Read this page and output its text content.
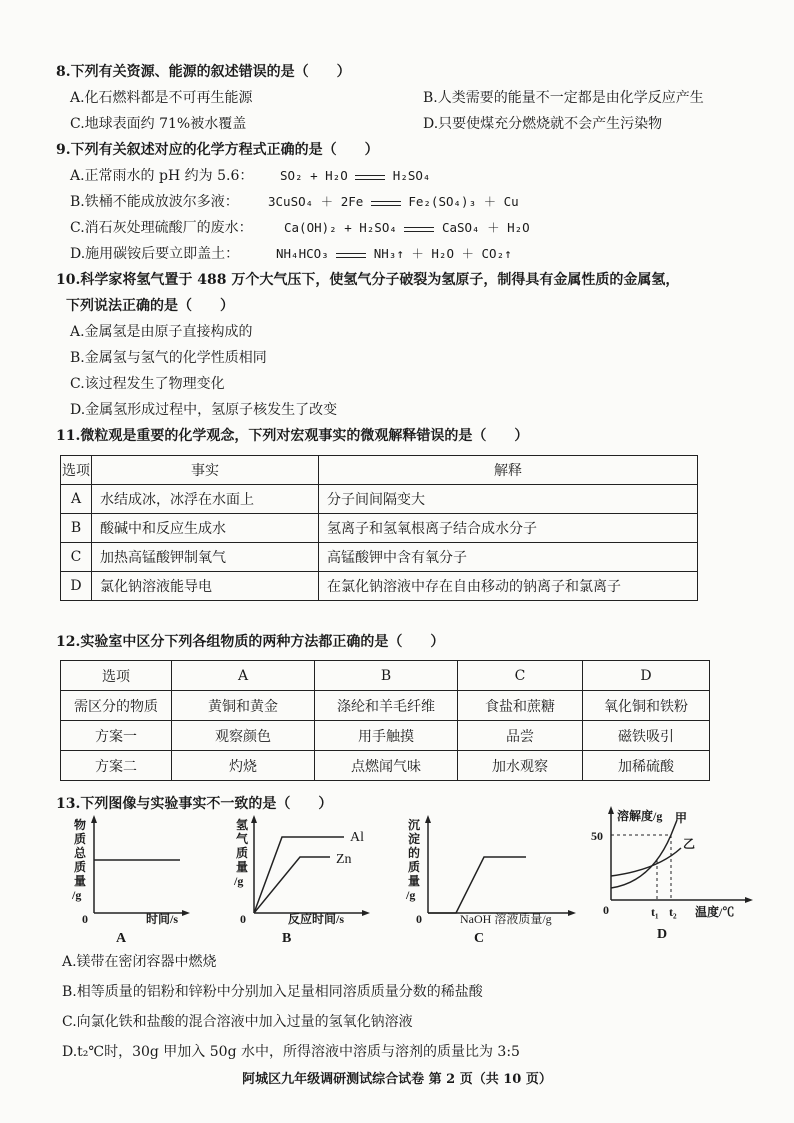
8.下列有关资源、能源的叙述错误的是（　　）
A.化石燃料都是不可再生能源	B.人类需要的能量不一定都是由化学反应产生
C.地球表面约 71%被水覆盖	D.只要使煤充分燃烧就不会产生污染物
9.下列有关叙述对应的化学方程式正确的是（　　）
A.正常雨水的 pH 约为 5.6： SO₂ + H₂O	H₂SO₄
B.铁桶不能成放波尔多液： 3CuSO₄ ＋ 2Fe	Fe₂(SO₄)₃ ＋ Cu
C.消石灰处理硫酸厂的废水：	Ca(OH)₂ + H₂SO₄	CaSO₄ ＋ H₂O
D.施用碳铵后要立即盖土：	NH₄HCO₃	NH₃↑ ＋ H₂O ＋ CO₂↑
10.科学家将氢气置于 488 万个大气压下，使氢气分子破裂为氢原子，制得具有金属性质的金属氢，
下列说法正确的是（　　）
A.金属氢是由原子直接构成的
B.金属氢与氢气的化学性质相同
C.该过程发生了物理变化
D.金属氢形成过程中，氢原子核发生了改变
11.微粒观是重要的化学观念，下列对宏观事实的微观解释错误的是（　　）
选项	事实	解释
A	水结成冰，冰浮在水面上	分子间间隔变大
B	酸碱中和反应生成水	氢离子和氢氧根离子结合成水分子
C	加热高锰酸钾制氧气	高锰酸钾中含有氧分子
D	氯化钠溶液能导电	在氯化钠溶液中存在自由移动的钠离子和氯离子
12.实验室中区分下列各组物质的两种方法都正确的是（　　）
选项	A	B	C	D
需区分的物质	黄铜和黄金	涤纶和羊毛纤维	食盐和蔗糖	氧化铜和铁粉
方案一	观察颜色	用手触摸	品尝	磁铁吸引
方案二	灼烧	点燃闻气味	加水观察	加稀硫酸
13.下列图像与实验事实不一致的是（　　）
物
质
总
质
量
/g
0	时间/s
A
氢
气
质
量
/g
0	反应时间/s
Al
Zn
B
沉
淀
的
质
量
/g
0	NaOH 溶液质量/g
C
溶解度/g
50
0	t₁ t₂ 温度/℃
甲
乙
D
A.镁带在密闭容器中燃烧
B.相等质量的铝粉和锌粉中分别加入足量相同溶质质量分数的稀盐酸
C.向氯化铁和盐酸的混合溶液中加入过量的氢氧化钠溶液
D.t₂℃时，30g 甲加入 50g 水中，所得溶液中溶质与溶剂的质量比为 3:5
阿城区九年级调研测试综合试卷 第 2 页（共 10 页）
